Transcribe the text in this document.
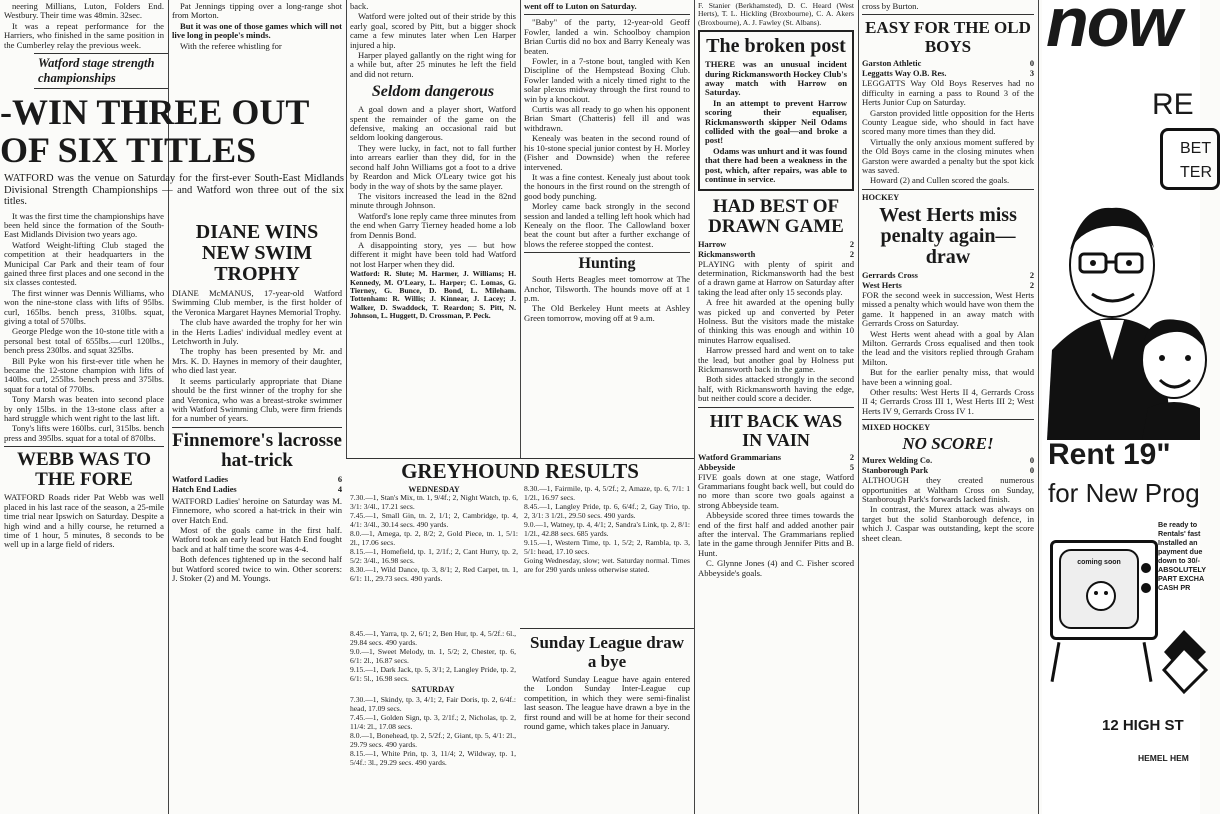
neering Millians, Luton, Folders End. Westbury. Their time was 48min. 32sec.

It was a repeat performance for the Harriers, who finished in the same position in the Cumberley relay the previous week.

Watford stage strength championships
-WIN THREE OUT OF SIX TITLES

WATFORD was the venue on Saturday for the first-ever South-East Midlands Divisional Strength Championships — and Watford won three out of the six titles.

It was the first time the championships have been held since the formation of the South-East Midlands Division two years ago.

Watford Weight-lifting Club staged the competition at their headquarters in the Municipal Car Park and their team of four gained three first places and one second in the six classes contested.

The first winner was Dennis Williams, who won the nine-stone class with lifts of 95lbs. curl, 165lbs. bench press, 310lbs. squat, giving a total of 570lbs.

George Pledge won the 10-stone title with a personal best total of 655lbs.—curl 120lbs., bench press 230lbs. and squat 325lbs.

Bill Pyke won his first-ever title when he became the 12-stone champion with lifts of 140lbs. curl, 255lbs. bench press and 375lbs. squat for a total of 770lbs.

Tony Marsh was beaten into second place by only 15lbs. in the 13-stone class after a hard struggle which went right to the last lift.

Tony's lifts were 160lbs. curl, 315lbs. bench press and 395lbs. squat for a total of 870lbs.

WEBB WAS TO THE FORE

WATFORD Roads rider Pat Webb was well placed in his last race of the season, a 25-mile time trial near Ipswich on Saturday. Despite a high wind and a hilly course, he returned a time of 1 hour, 5 minutes, 8 seconds to be well up in a large field of riders.

Pat Jennings tipping over a long-range shot from Morton.

But it was one of those games which will not live long in people's minds.

With the referee whistling for

DIANE WINS NEW SWIM TROPHY

DIANE McMANUS, 17-year-old Watford Swimming Club member, is the first holder of the Veronica Margaret Haynes Memorial Trophy.

The club have awarded the trophy for her win in the Herts Ladies' individual medley event at Letchworth in July.

The trophy has been presented by Mr. and Mrs. K. D. Haynes in memory of their daughter, who died last year.

It seems particularly appropriate that Diane should be the first winner of the trophy for she and Veronica, who was a breast-stroke swimmer with Watford Swimming Club, were firm friends for a number of years.

Finnemore's lacrosse hat-trick
Watford Ladies	6
Hatch End Ladies	4

WATFORD Ladies' heroine on Saturday was M. Finnemore, who scored a hat-trick in their win over Hatch End.

Most of the goals came in the first half. Watford took an early lead but Hatch End fought back and at half time the score was 4-4.

Both defences tightened up in the second half but Watford scored twice to win. Other scorers: J. Stoker (2) and M. Youngs.

back.

Watford were jolted out of their stride by this early goal, scored by Pitt, but a bigger shock came a few minutes later when Len Harper injured a hip.

Harper played gallantly on the right wing for a while but, after 25 minutes he left the field and did not return.

Seldom dangerous

A goal down and a player short, Watford spent the remainder of the game on the defensive, making an occasional raid but seldom looking dangerous.

They were lucky, in fact, not to fall further into arrears earlier than they did, for in the second half John Williams got a foot to a drive by Reardon and Mick O'Leary twice got his body in the way of shots by the same player.

The visitors increased the lead in the 82nd minute through Johnson.

Watford's lone reply came three minutes from the end when Garry Tierney headed home a lob from Dennis Bond.

A disappointing story, yes — but how different it might have been told had Watford not lost Harper when they did.

Watford: R. Slute; M. Harmer, J. Williams; H. Kennedy, M. O'Leary, L. Harper; C. Lomas, G. Tierney, G. Bunce, D. Bond, L. Mileham. Tottenham: R. Willis; J. Kinnear, J. Lacey; J. Walker, D. Swaddock, T. Reardon; S. Pitt, N. Johnson, L. Huggett, D. Crossman, P. Peck.

went off to Luton on Saturday.

"Baby" of the party, 12-year-old Geoff Fowler, landed a win. Schoolboy champion Brian Curtis did no box and Barry Kenealy was beaten.

Fowler, in a 7-stone bout, tangled with Ken Discipline of the Hempstead Boxing Club. Fowler landed with a nicely timed right to the solar plexus midway through the first round to win by a knockout.

Curtis was all ready to go when his opponent Brian Smart (Chatteris) fell ill and was withdrawn.

Kenealy was beaten in the second round of his 10-stone special junior contest by H. Morley (Fisher and Downside) when the referee intervened.

It was a fine contest. Kenealy just about took the honours in the first round on the strength of good body punching.

Morley came back strongly in the second session and landed a telling left hook which had Kenealy on the floor. The Callowland boxer beat the count but after a further exchange of blows the referee stopped the contest.

Hunting

South Herts Beagles meet tomorrow at The Anchor, Tilsworth. The hounds move off at 1 p.m.

The Old Berkeley Hunt meets at Ashley Green tomorrow, moving off at 9 a.m.

GREYHOUND RESULTS
WEDNESDAY

7.30.—1, Stan's Mix, tn. 1, 9/4f.; 2, Night Watch, tp. 6, 3/1: 3/4l., 17.21 secs.

7.45.—1, Small Gin, tn. 2, 1/1; 2, Cambridge, tp. 4, 4/1: 3/4l., 30.14 secs. 490 yards.

8.0.—1, Amega, tp. 2, 8/2; 2, Gold Piece, tn. 1, 5/1: 2l., 17.06 secs.

8.15.—1, Homefield, tp. 1, 2/1f.; 2, Cant Hurry, tp. 2, 5/2: 3/4l., 16.98 secs.

8.30.—1, Wild Dance, tp. 3, 8/1; 2, Red Carpet, tn. 1, 6/1: 1l., 29.73 secs. 490 yards.

8.30.—1, Fairmile, tp. 4, 5/2f.; 2, Amaze, tp. 6, 7/1: 1 1/2l., 16.97 secs.

8.45.—1, Langley Pride, tp. 6, 6/4f.; 2, Gay Trio, tp. 2, 3/1: 3 1/2l., 29.50 secs. 490 yards.

9.0.—1, Watney, tp. 4, 4/1; 2, Sandra's Link, tp. 2, 8/1: 1/2l., 42.88 secs. 685 yards.

9.15.—1, Western Time, tp. 1, 5/2; 2, Rambla, tp. 3, 5/1: head, 17.10 secs.

Going Wednesday, slow; wet. Saturday normal. Times are for 290 yards unless otherwise stated.

8.45.—1, Yarra, tp. 2, 6/1; 2, Ben Hur, tp. 4, 5/2f.: 6l., 29.84 secs. 490 yards.

9.0.—1, Sweet Melody, tn. 1, 5/2; 2, Chester, tp. 6, 6/1: 2l., 16.87 secs.

9.15.—1, Dark Jack, tp. 5, 3/1; 2, Langley Pride, tp. 2, 6/1: 5l., 16.98 secs.

SATURDAY

7.30.—1, Skindy, tp. 3, 4/1; 2, Fair Doris, tp. 2, 6/4f.: head, 17.09 secs.

7.45.—1, Golden Sign, tp. 3, 2/1f.; 2, Nicholas, tp. 2, 11/4: 2l., 17.08 secs.

8.0.—1, Bonehead, tp. 2, 5/2f.; 2, Giant, tp. 5, 4/1: 2l., 29.79 secs. 490 yards.

8.15.—1, White Prin, tp. 3, 11/4; 2, Wildway, tp. 1, 5/4f.: 3l., 29.29 secs. 490 yards.

Sunday League draw a bye

Watford Sunday League have again entered the London Sunday Inter-League cup competition, in which they were semi-finalist last season. The league have drawn a bye in the first round and will be at home for their second round game, which takes place in January.

F. Stanier (Berkhamsted), D. C. Heard (West Herts), T. L. Hickling (Broxbourne), C. A. Akers (Broxbourne), A. J. Fawley (St. Albans).

The broken post

THERE was an unusual incident during Rickmansworth Hockey Club's away match with Harrow on Saturday.

In an attempt to prevent Harrow scoring their equaliser, Rickmansworth skipper Neil Odams collided with the goal—and broke a post!

Odams was unhurt and it was found that there had been a weakness in the post, which, after repairs, was able to continue in service.

HAD BEST OF DRAWN GAME
Harrow	2
Rickmansworth	2

PLAYING with plenty of spirit and determination, Rickmansworth had the best of a drawn game at Harrow on Saturday after taking the lead after only 15 seconds play.

A free hit awarded at the opening bully was picked up and converted by Peter Holness. But the visitors made the mistake of thinking this was enough and within 10 minutes Harrow equalised.

Harrow pressed hard and went on to take the lead, but another goal by Holness put Rickmansworth back in the game.

Both sides attacked strongly in the second half, with Rickmansworth having the edge, but neither could score a decider.

HIT BACK WAS IN VAIN
Watford Grammarians	2
Abbeyside	5

FIVE goals down at one stage, Watford Grammarians fought back well, but could do no more than score two goals against a strong Abbeyside team.

Abbeyside scored three times towards the end of the first half and added another pair after the interval. The Grammarians replied late in the game through Jennifer Pitts and B. Hunt.

C. Glynne Jones (4) and C. Fisher scored Abbeyside's goals.

cross by Burton.

EASY FOR THE OLD BOYS
Garston Athletic	0
Leggatts Way O.B. Res.	3

LEGGATTS Way Old Boys Reserves had no difficulty in earning a pass to Round 3 of the Herts Junior Cup on Saturday.

Garston provided little opposition for the Herts County League side, who should in fact have scored many more times than they did.

Virtually the only anxious moment suffered by the Old Boys came in the closing minutes when Garston were awarded a penalty but the spot kick was saved.

Howard (2) and Cullen scored the goals.

HOCKEY
West Herts miss penalty again—draw
Gerrards Cross	2
West Herts	2

FOR the second week in succession, West Herts missed a penalty which would have won them the game. It happened in an away match with Gerrards Cross on Saturday.

West Herts went ahead with a goal by Alan Milton. Gerrards Cross equalised and then took the lead and the visitors replied through Graham Milton.

But for the earlier penalty miss, that would have been a winning goal.

Other results: West Herts II 4, Gerrards Cross II 4; Gerrards Cross III 1, West Herts III 2; West Herts IV 9, Gerrards Cross IV 1.

MIXED HOCKEY
NO SCORE!
Murex Welding Co.	0
Stanborough Park	0

ALTHOUGH they created numerous opportunities at Waltham Cross on Sunday, Stanborough Park's forwards lacked finish.

In contrast, the Murex attack was always on target but the solid Stanborough defence, in which J. Caspar was outstanding, kept the score sheet clean.

now
RE
BET
TER
Rent 19"
for New Prog
coming soon
Be ready to
Rentals' fast
Installed an
payment due
down to 30/-
ABSOLUTELY
PART EXCHA
CASH PR
12 HIGH ST
HEMEL HEM
